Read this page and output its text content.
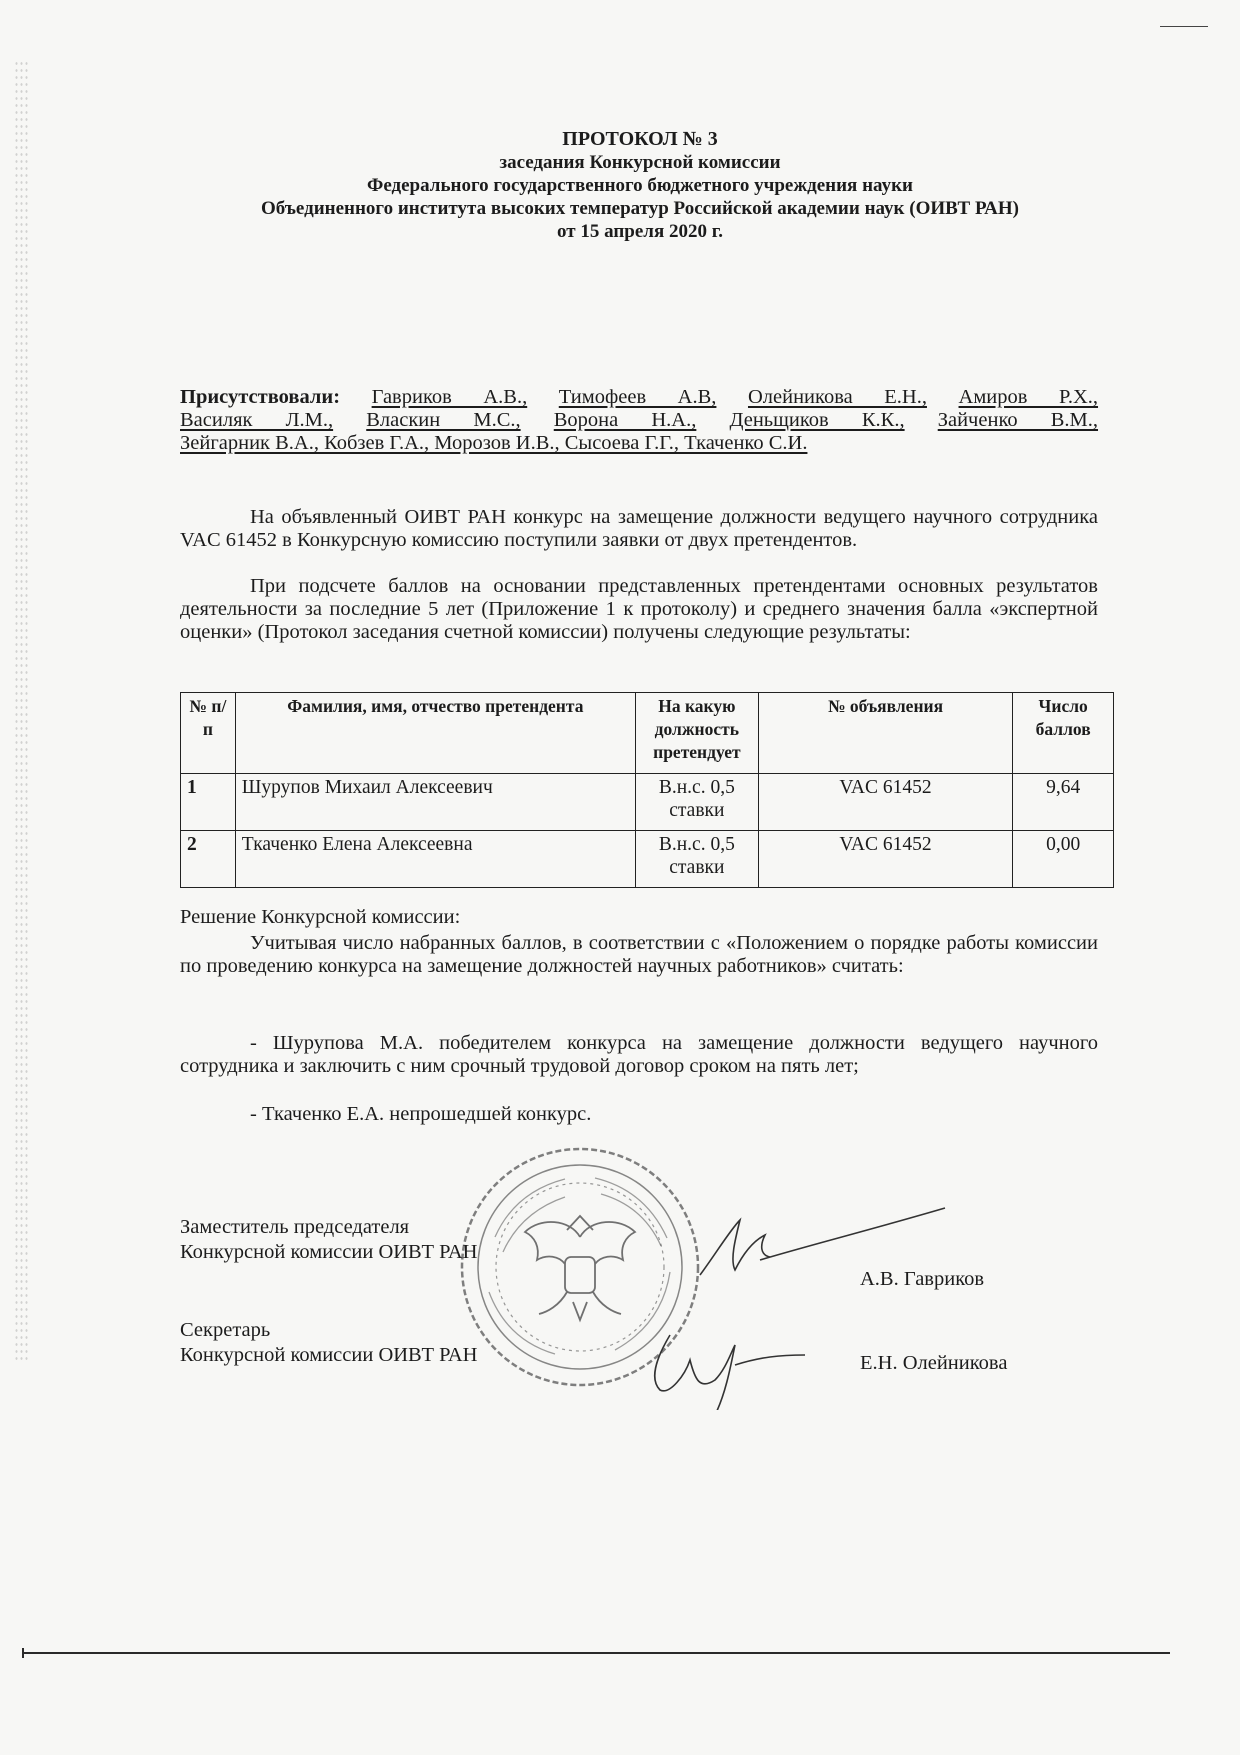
ПРОТОКОЛ № 3
заседания Конкурсной комиссии
Федерального государственного бюджетного учреждения науки
Объединенного института высоких температур Российской академии наук (ОИВТ РАН)
от 15 апреля 2020 г.
Присутствовали: Гавриков А.В., Тимофеев А.В, Олейникова Е.Н., Амиров Р.Х.,
Василяк Л.М., Власкин М.С., Ворона Н.А., Деньщиков К.К., Зайченко В.М.,
Зейгарник В.А., Кобзев Г.А., Морозов И.В., Сысоева Г.Г., Ткаченко С.И.
На объявленный ОИВТ РАН конкурс на замещение должности ведущего научного сотрудника VAC 61452 в Конкурсную комиссию поступили заявки от двух претендентов.
При подсчете баллов на основании представленных претендентами основных результатов деятельности за последние 5 лет (Приложение 1 к протоколу) и среднего значения балла «экспертной оценки» (Протокол заседания счетной комиссии) получены следующие результаты:
№ п/п	Фамилия, имя, отчество претендента	На какую должность претендует	№ объявления	Число баллов
1	Шурупов Михаил Алексеевич	В.н.с. 0,5 ставки	VAC 61452	9,64
2	Ткаченко Елена Алексеевна	В.н.с. 0,5 ставки	VAC 61452	0,00
Решение Конкурсной комиссии:
Учитывая число набранных баллов, в соответствии с «Положением о порядке работы комиссии по проведению конкурса на замещение должностей научных работников» считать:
- Шурупова М.А. победителем конкурса на замещение должности ведущего научного сотрудника и заключить с ним срочный трудовой договор сроком на пять лет;
- Ткаченко Е.А. непрошедшей конкурс.
Заместитель председателя
Конкурсной комиссии ОИВТ РАН
А.В. Гавриков
Секретарь
Конкурсной комиссии ОИВТ РАН	Е.Н. Олейникова
